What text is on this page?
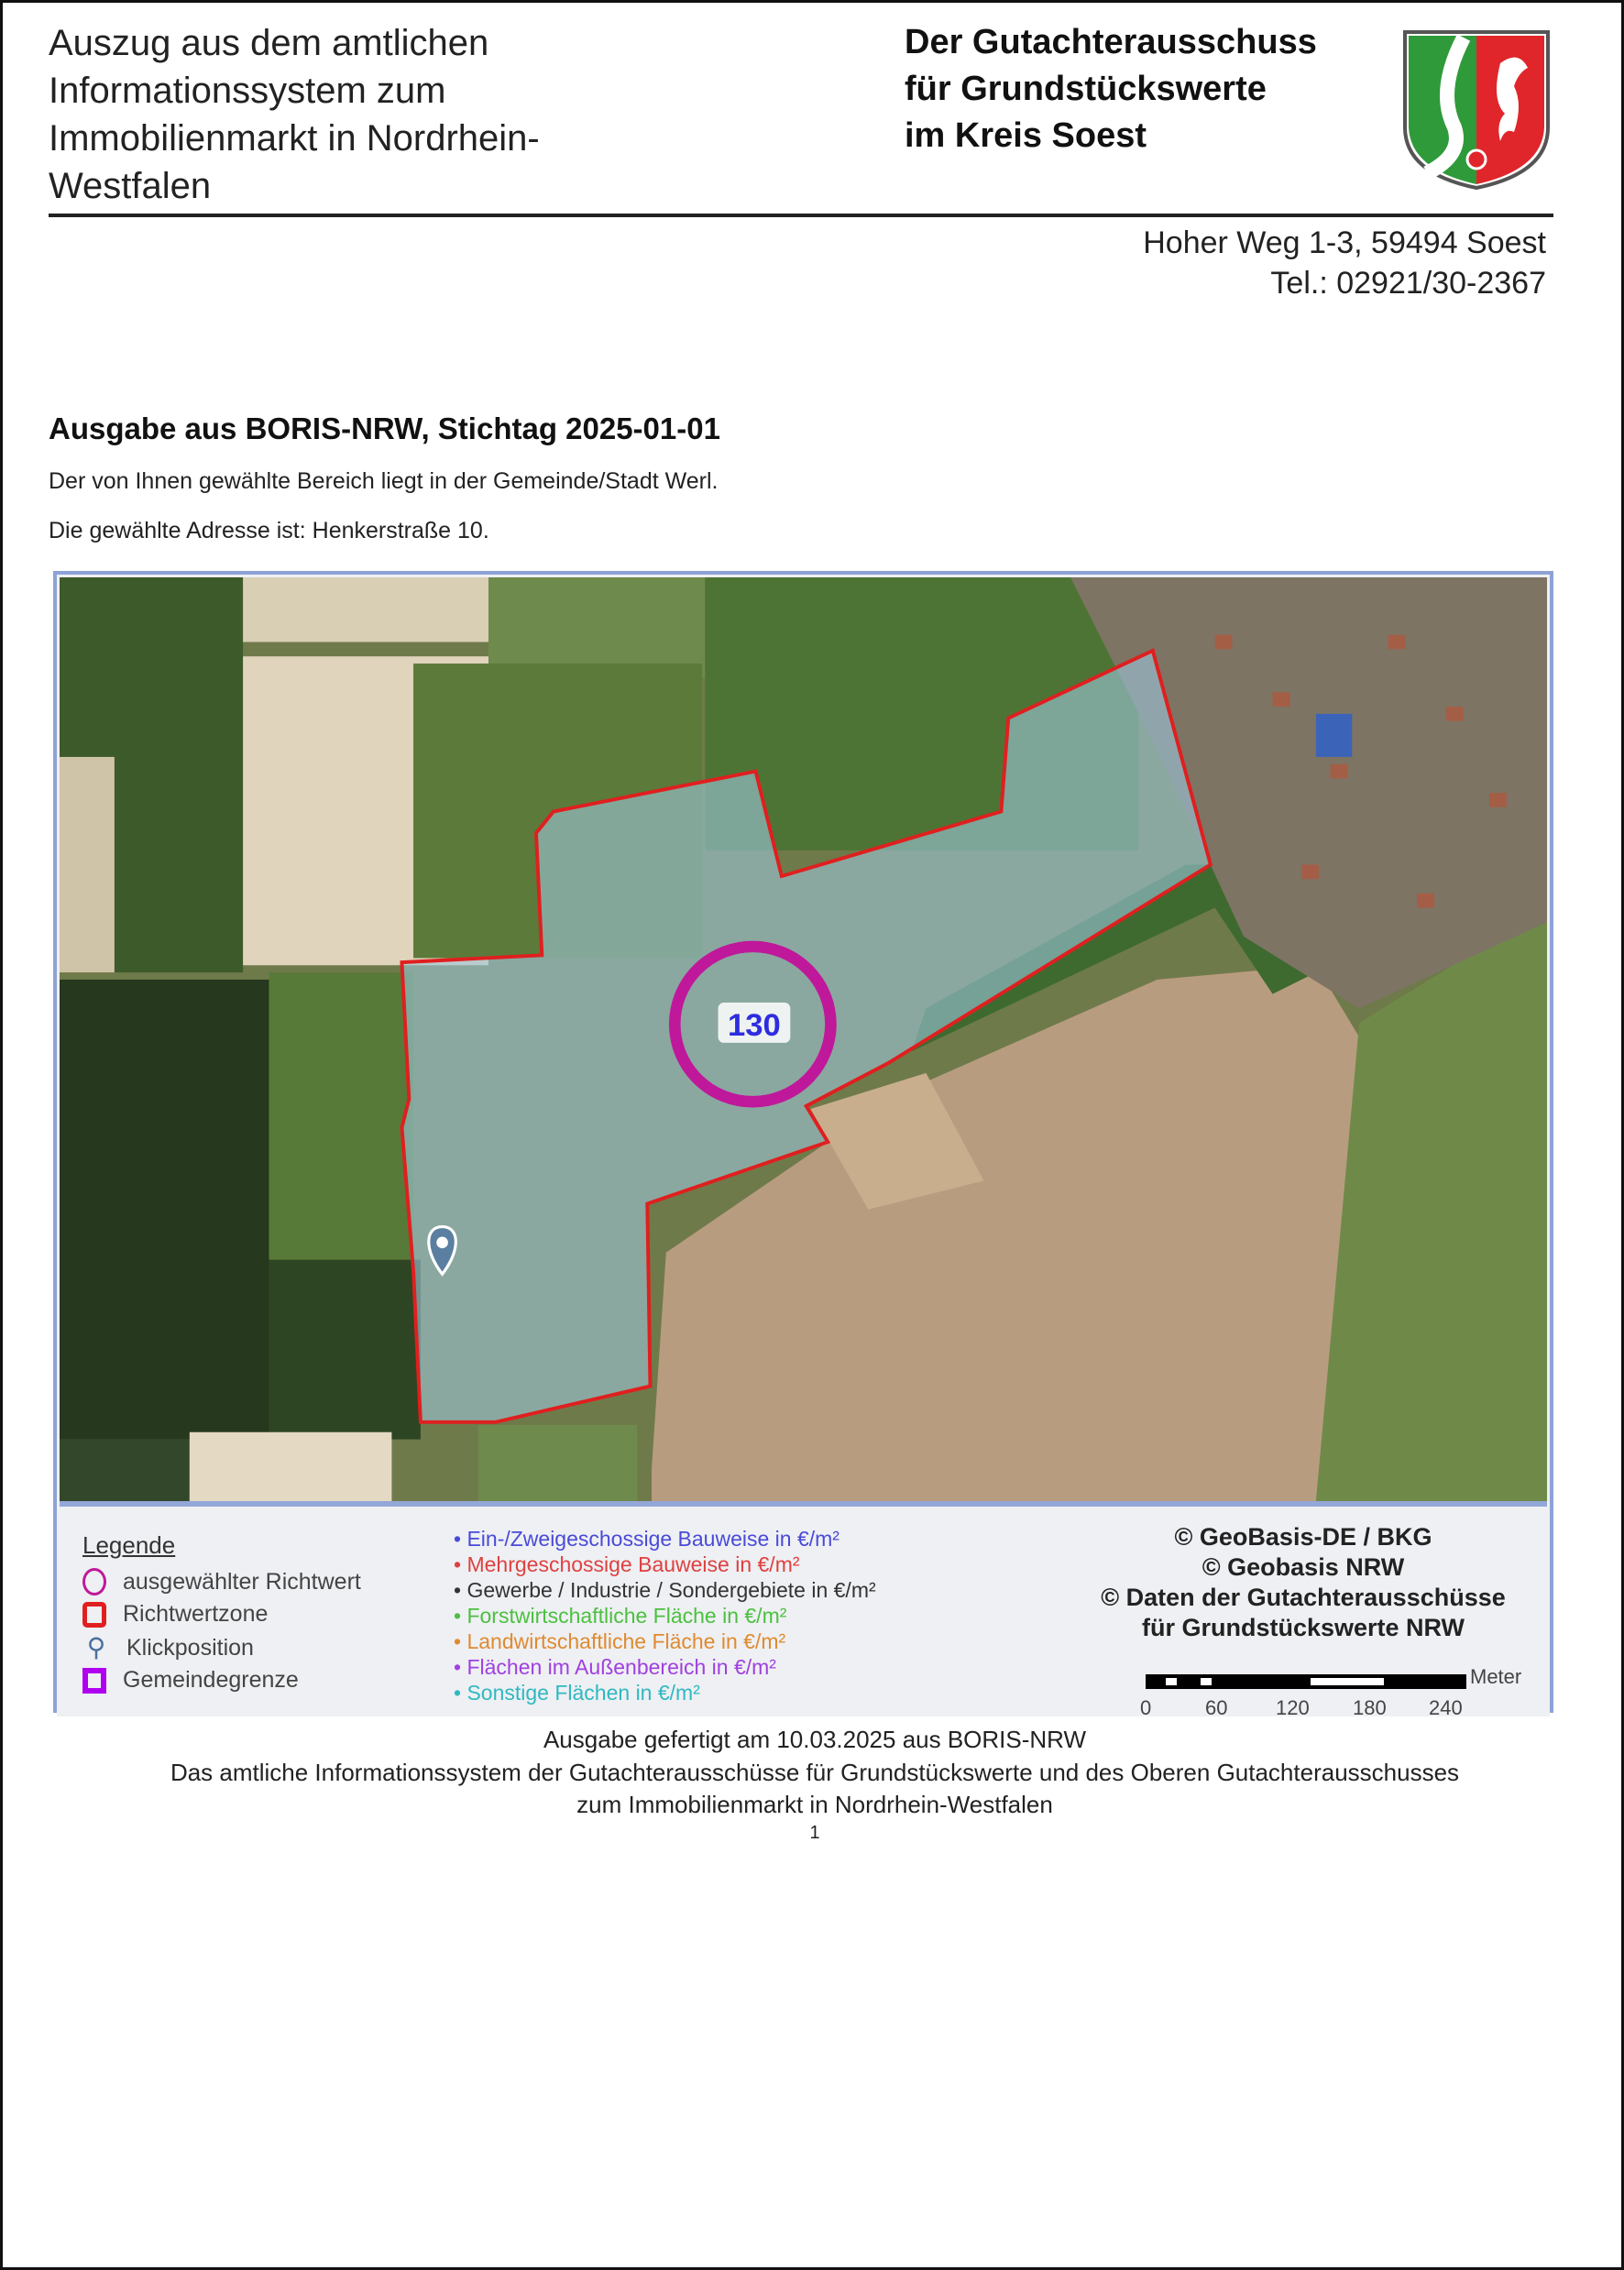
Auszug aus dem amtlichen
Informationssystem zum
Immobilienmarkt in Nordrhein-
Westfalen
Der Gutachterausschuss
für Grundstückswerte
im Kreis Soest
Hoher Weg 1-3, 59494 Soest
Tel.: 02921/30-2367
Ausgabe aus BORIS-NRW, Stichtag 2025-01-01
Der von Ihnen gewählte Bereich liegt in der Gemeinde/Stadt Werl.
Die gewählte Adresse ist: Henkerstraße 10.
130
Legende
ausgewählter Richtwert
Richtwertzone
⚲ Klickposition
Gemeindegrenze
• Ein-/Zweigeschossige Bauweise in €/m²
• Mehrgeschossige Bauweise in €/m²
• Gewerbe / Industrie / Sondergebiete in €/m²
• Forstwirtschaftliche Fläche in €/m²
• Landwirtschaftliche Fläche in €/m²
• Flächen im Außenbereich in €/m²
• Sonstige Flächen in €/m²
© GeoBasis-DE / BKG
© Geobasis NRW
© Daten der Gutachterausschüsse
für Grundstückswerte NRW
Meter
0	60 120 180 240
Ausgabe gefertigt am 10.03.2025 aus BORIS-NRW
Das amtliche Informationssystem der Gutachterausschüsse für Grundstückswerte und des Oberen Gutachterausschusses
zum Immobilienmarkt in Nordrhein-Westfalen
1
